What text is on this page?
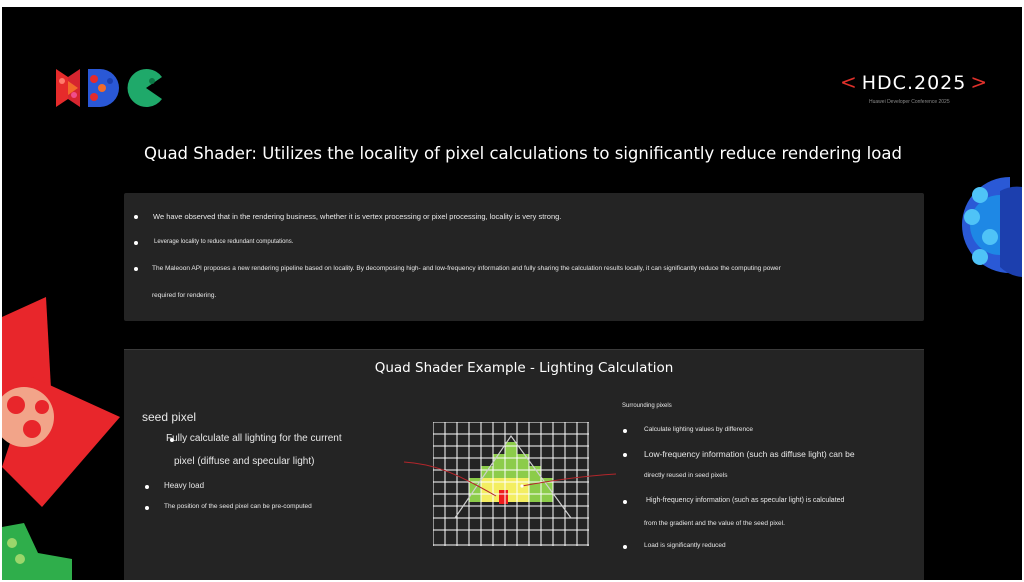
< HDC.2025 >
Huawei Developer Conference 2025
Quad Shader: Utilizes the locality of pixel calculations to significantly reduce rendering load
We have observed that in the rendering business, whether it is vertex processing or pixel processing, locality is very strong.
Leverage locality to reduce redundant computations.
The Maleoon API proposes a new rendering pipeline based on locality. By decomposing high- and low-frequency information and fully sharing the calculation results locally, it can significantly reduce the computing power
required for rendering.
Quad Shader Example - Lighting Calculation
seed pixel
Fully calculate all lighting for the current
pixel (diffuse and specular light)
Heavy load
The position of the seed pixel can be pre-computed
Surrounding pixels
Calculate lighting values by difference
Low-frequency information (such as diffuse light) can be
directly reused in seed pixels
High-frequency information (such as specular light) is calculated
from the gradient and the value of the seed pixel.
Load is significantly reduced
